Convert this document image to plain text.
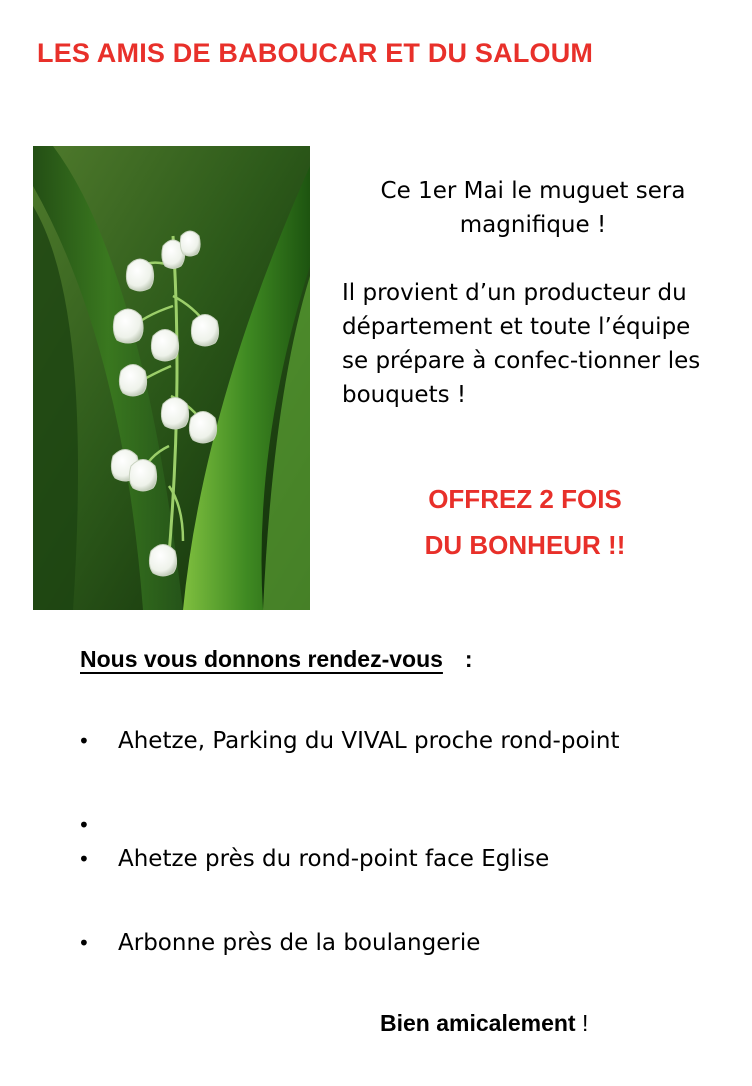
LES AMIS DE BABOUCAR ET DU SALOUM

Ce 1er Mai le muguet sera magnifique !

Il provient d’un producteur du département et toute l’équipe se prépare à confec-tionner les bouquets !

OFFREZ 2 FOIS
DU BONHEUR !!
Nous vous donnons rendez-vous :
• Ahetze, Parking du VIVAL proche rond-point
•
• Ahetze près du rond-point face Eglise
• Arbonne près de la boulangerie
Bien amicalement !
